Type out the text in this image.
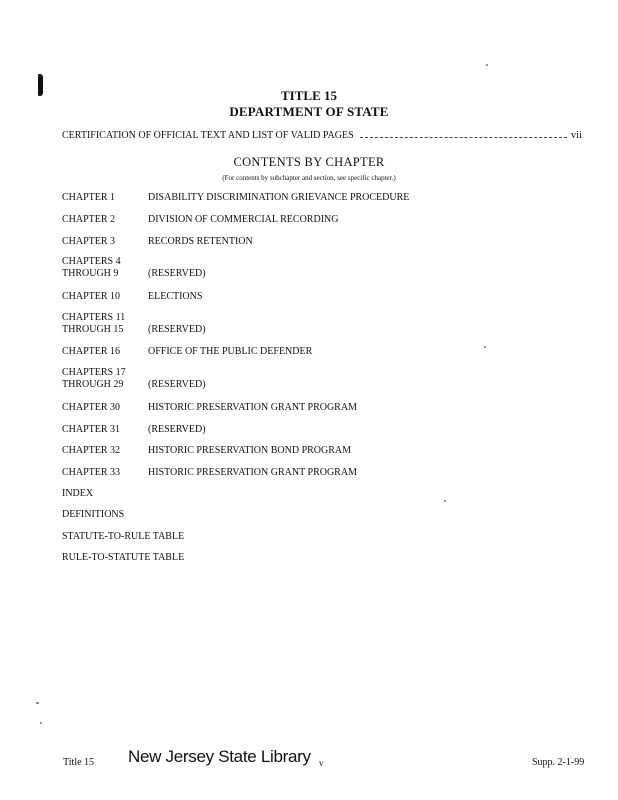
TITLE 15
DEPARTMENT OF STATE
CERTIFICATION OF OFFICIAL TEXT AND LIST OF VALID PAGES	vii
CONTENTS BY CHAPTER
(For contents by subchapter and section, see specific chapter.)
CHAPTER 1	DISABILITY DISCRIMINATION GRIEVANCE PROCEDURE
CHAPTER 2	DIVISION OF COMMERCIAL RECORDING
CHAPTER 3	RECORDS RETENTION
CHAPTERS 4
THROUGH 9	(RESERVED)
CHAPTER 10	ELECTIONS
CHAPTERS 11
THROUGH 15	(RESERVED)
CHAPTER 16	OFFICE OF THE PUBLIC DEFENDER
CHAPTERS 17
THROUGH 29	(RESERVED)
CHAPTER 30	HISTORIC PRESERVATION GRANT PROGRAM
CHAPTER 31	(RESERVED)
CHAPTER 32	HISTORIC PRESERVATION BOND PROGRAM
CHAPTER 33	HISTORIC PRESERVATION GRANT PROGRAM
INDEX
DEFINITIONS
STATUTE-TO-RULE TABLE
RULE-TO-STATUTE TABLE
Title 15 New Jersey State Library v	Supp. 2-1-99
